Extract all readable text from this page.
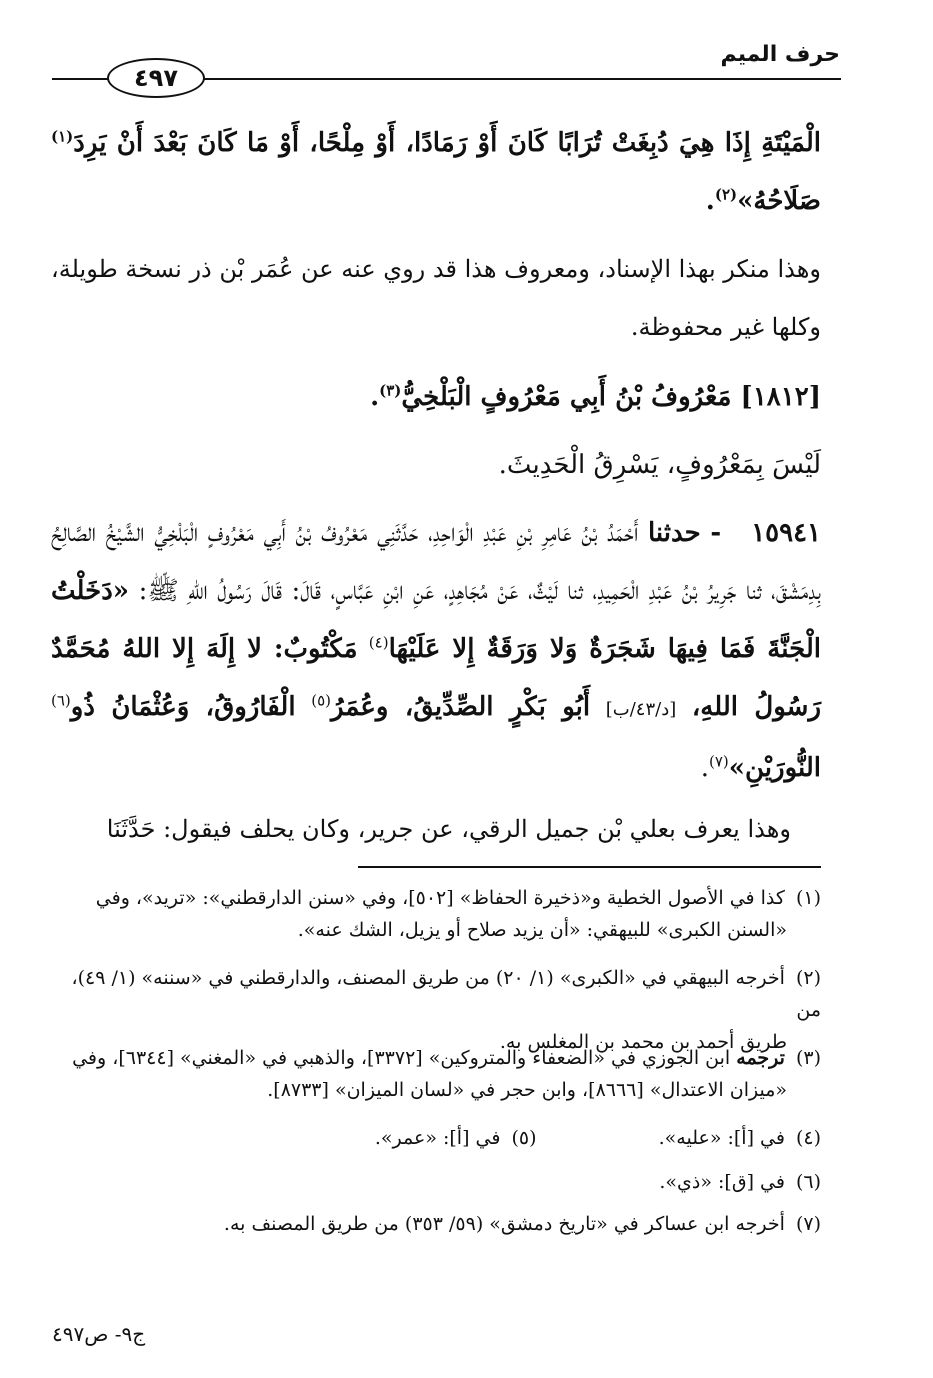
حرف الميم
٤٩٧
الْمَيْتَةِ إِذَا هِيَ دُبِغَتْ تُرَابًا كَانَ أَوْ رَمَادًا، أَوْ مِلْحًا، أَوْ مَا كَانَ بَعْدَ أَنْ يَرِدَ$^{(١)}$
صَلَاحُهُ»$^{(٢)}$.
وهذا منكر بهذا الإسناد، ومعروف هذا قد روي عنه عن عُمَر بْن ذر نسخة طويلة، وكلها غير محفوظة.
[١٨١٢] مَعْرُوفُ بْنُ أَبِي مَعْرُوفٍ الْبَلْخِيُّ$^{(٣)}$.
لَيْسَ بِمَعْرُوفٍ، يَسْرِقُ الْحَدِيثَ.
١٥٩٤١- حدثنا أَحْمَدُ بْنُ عَامِرِ بْنِ عَبْدِ الْوَاحِدِ، حَدَّثَنِي مَعْرُوفُ بْنُ أَبِي مَعْرُوفٍ الْبَلْخِيُّ الشَّيْخُ الصَّالِحُ بِدِمَشْقَ، ثنا جَرِيرُ بْنُ عَبْدِ الْحَمِيدِ، ثنا لَيْثٌ، عَنْ مُجَاهِدٍ، عَنِ ابْنِ عَبَّاسٍ، قَالَ: قَالَ رَسُولُ اللهِ ﷺ: «دَخَلْتُ الْجَنَّةَ فَمَا فِيهَا شَجَرَةٌ وَلا وَرَقَةٌ إِلا عَلَيْهَا$^{(٤)}$ مَكْتُوبٌ: لا إِلَهَ إِلا اللهُ مُحَمَّدٌ رَسُولُ اللهِ، [د/٤٣/ب] أَبُو بَكْرٍ الصِّدِّيقُ، وعُمَرُ$^{(٥)}$ الْفَارُوقُ، وَعُثْمَانُ ذُو$^{(٦)}$ النُّورَيْنِ»$^{(٧)}$.
وهذا يعرف بعلي بْن جميل الرقي، عن جرير، وكان يحلف فيقول: حَدَّثَنَا
(١) كذا في الأصول الخطية و«ذخيرة الحفاظ» [٥٠٢]، وفي «سنن الدارقطني»: «تريد»، وفي
«السنن الكبرى» للبيهقي: «أن يزيد صلاح أو يزيل، الشك عنه».
(٢) أخرجه البيهقي في «الكبرى» (١/ ٢٠) من طريق المصنف، والدارقطني في «سننه» (١/ ٤٩)، من
طريق أحمد بن محمد بن المغلس به.
(٣) ترجمه ابن الجوزي في «الضعفاء والمتروكين» [٣٣٧٢]، والذهبي في «المغني» [٦٣٤٤]، وفي
«ميزان الاعتدال» [٨٦٦٦]، وابن حجر في «لسان الميزان» [٨٧٣٣].
(٤) في [أ]: «عليه».  (٥) في [أ]: «عمر».
(٦) في [ق]: «ذي».
(٧) أخرجه ابن عساكر في «تاريخ دمشق» (٥٩/ ٣٥٣) من طريق المصنف به.
ج٩- ص٤٩٧
